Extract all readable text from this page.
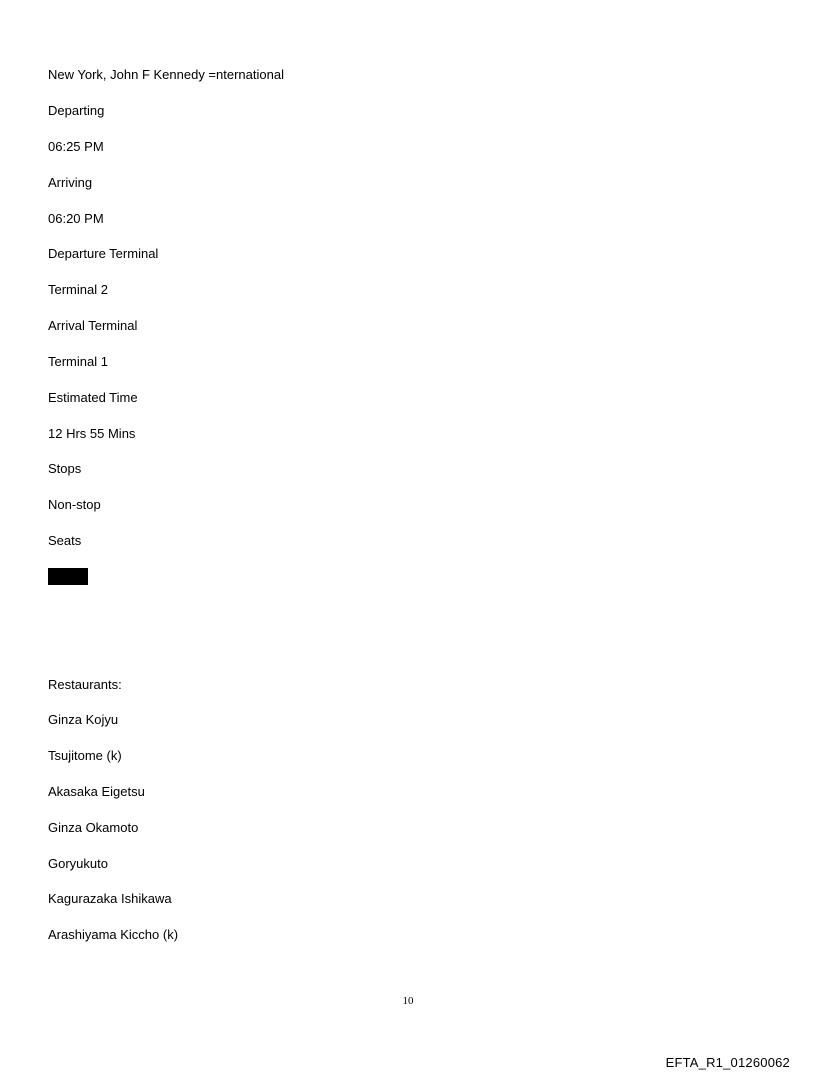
New York, John F Kennedy =nternational
Departing
06:25 PM
Arriving
06:20 PM
Departure Terminal
Terminal 2
Arrival Terminal
Terminal 1
Estimated Time
12 Hrs 55 Mins
Stops
Non-stop
Seats
Restaurants:
Ginza Kojyu
Tsujitome (k)
Akasaka Eigetsu
Ginza Okamoto
Goryukuto
Kagurazaka Ishikawa
Arashiyama Kiccho (k)
10
EFTA_R1_01260062
